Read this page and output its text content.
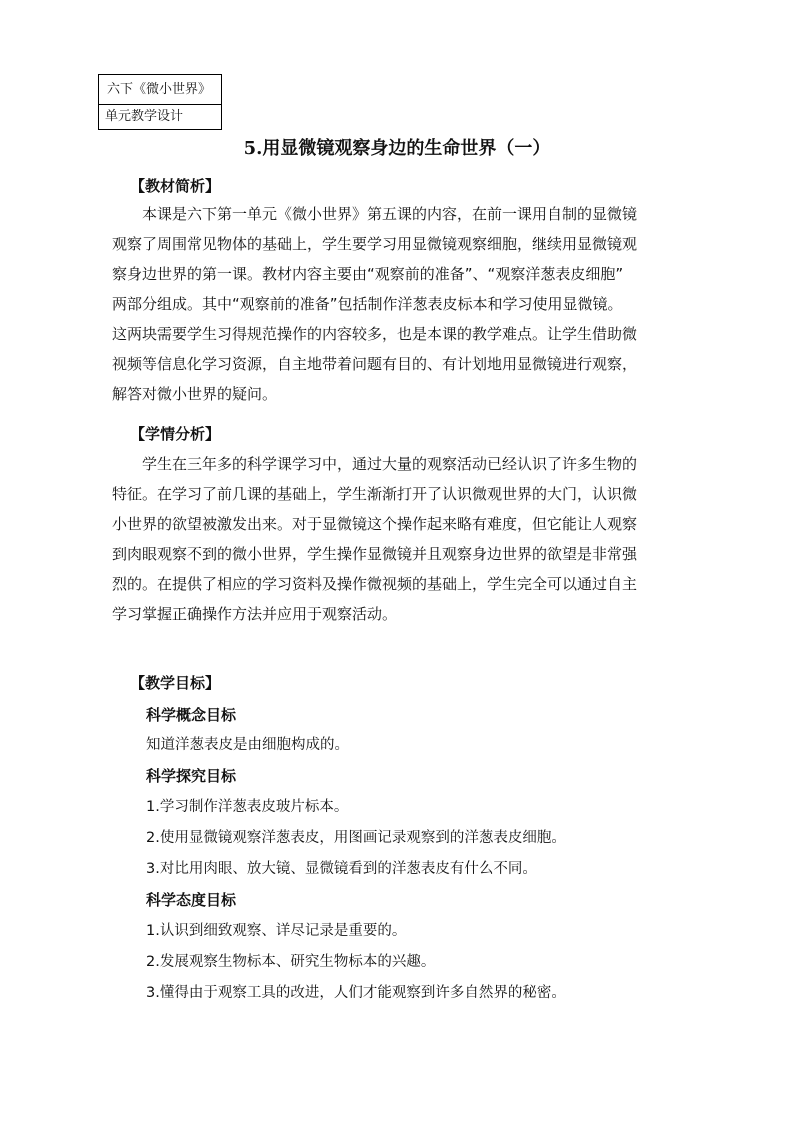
六下《微小世界》
单元教学设计
5.用显微镜观察身边的生命世界（一）
【教材简析】

本课是六下第一单元《微小世界》第五课的内容，在前一课用自制的显微镜

观察了周围常见物体的基础上，学生要学习用显微镜观察细胞，继续用显微镜观

察身边世界的第一课。教材内容主要由“观察前的准备”、“观察洋葱表皮细胞”

两部分组成。其中“观察前的准备”包括制作洋葱表皮标本和学习使用显微镜。

这两块需要学生习得规范操作的内容较多，也是本课的教学难点。让学生借助微

视频等信息化学习资源，自主地带着问题有目的、有计划地用显微镜进行观察，

解答对微小世界的疑问。

【学情分析】

学生在三年多的科学课学习中，通过大量的观察活动已经认识了许多生物的

特征。在学习了前几课的基础上，学生渐渐打开了认识微观世界的大门，认识微

小世界的欲望被激发出来。对于显微镜这个操作起来略有难度，但它能让人观察

到肉眼观察不到的微小世界，学生操作显微镜并且观察身边世界的欲望是非常强

烈的。在提供了相应的学习资料及操作微视频的基础上，学生完全可以通过自主

学习掌握正确操作方法并应用于观察活动。

【教学目标】
科学概念目标
知道洋葱表皮是由细胞构成的。
科学探究目标
1.学习制作洋葱表皮玻片标本。
2.使用显微镜观察洋葱表皮，用图画记录观察到的洋葱表皮细胞。
3.对比用肉眼、放大镜、显微镜看到的洋葱表皮有什么不同。
科学态度目标
1.认识到细致观察、详尽记录是重要的。
2.发展观察生物标本、研究生物标本的兴趣。
3.懂得由于观察工具的改进，人们才能观察到许多自然界的秘密。
